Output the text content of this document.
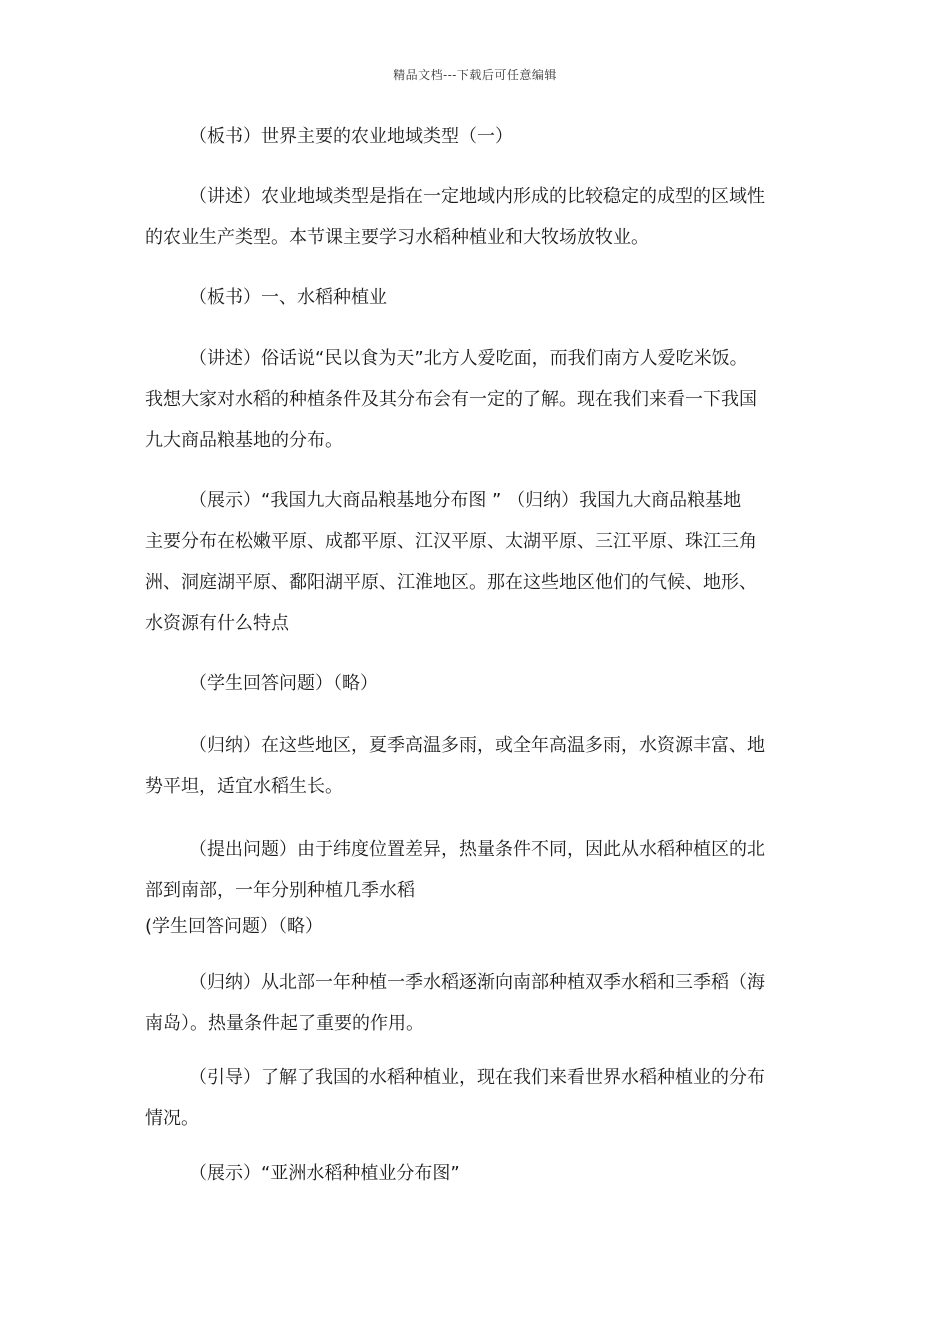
精品文档---下载后可任意编辑

（板书）世界主要的农业地域类型（一）

（讲述）农业地域类型是指在一定地域内形成的比较稳定的成型的区域性
的农业生产类型。本节课主要学习水稻种植业和大牧场放牧业。

（板书）一、水稻种植业

（讲述）俗话说“民以食为天”北方人爱吃面，而我们南方人爱吃米饭。
我想大家对水稻的种植条件及其分布会有一定的了解。现在我们来看一下我国
九大商品粮基地的分布。

（展示）“我国九大商品粮基地分布图 ” （归纳）我国九大商品粮基地
主要分布在松嫩平原、成都平原、江汉平原、太湖平原、三江平原、珠江三角
洲、洞庭湖平原、鄱阳湖平原、江淮地区。那在这些地区他们的气候、地形、
水资源有什么特点

（学生回答问题）（略）

（归纳）在这些地区，夏季高温多雨，或全年高温多雨，水资源丰富、地
势平坦，适宜水稻生长。

（提出问题）由于纬度位置差异，热量条件不同，因此从水稻种植区的北
部到南部，一年分别种植几季水稻

(学生回答问题）（略）

（归纳）从北部一年种植一季水稻逐渐向南部种植双季水稻和三季稻（海
南岛）。热量条件起了重要的作用。

（引导）了解了我国的水稻种植业，现在我们来看世界水稻种植业的分布
情况。

（展示）“亚洲水稻种植业分布图”
